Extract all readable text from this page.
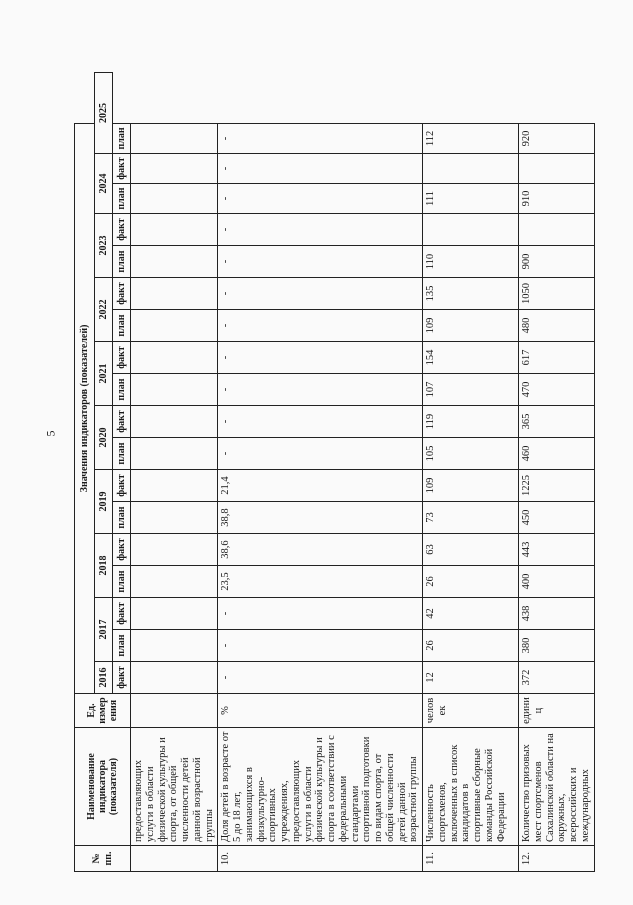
5
№ пп.	Наименование индикатора (показателя)	Ед. измер ения	Значения индикаторов (показателей)																	
			2016	2017		2018		2019		2020		2021		2022		2023		2024		2025
			факт	план	факт	план	факт	план	факт	план	факт	план	факт	план	факт	план	факт	план	факт	план
	предоставляющих услуги в области физической культуры и спорта, от общей численности детей данной возрастной группы																			
10.	Доля детей в возрасте от 5 до 18 лет, занимающихся в физкультурно-спортивных учреждениях, предоставляющих услуги в области физической культуры и спорта в соответствии с федеральными стандартами спортивной подготовки по видам спорта, от общей численности детей данной возрастной группы	%	-	-	-	23,5	38,6	38,8	21,4	-	-	-	-	-	-	-	-	-	-	-
11.	Численность спортсменов, включенных в список кандидатов в спортивные сборные команды Российской Федерации	челов ек	12	26	42	26	63	73	109	105	119	107	154	109	135	110		111		112
12.	Количество призовых мест спортсменов Сахалинской области на окружных, всероссийских и международных	едини ц	372	380	438	400	443	450	1225	460	365	470	617	480	1050	900		910		920
